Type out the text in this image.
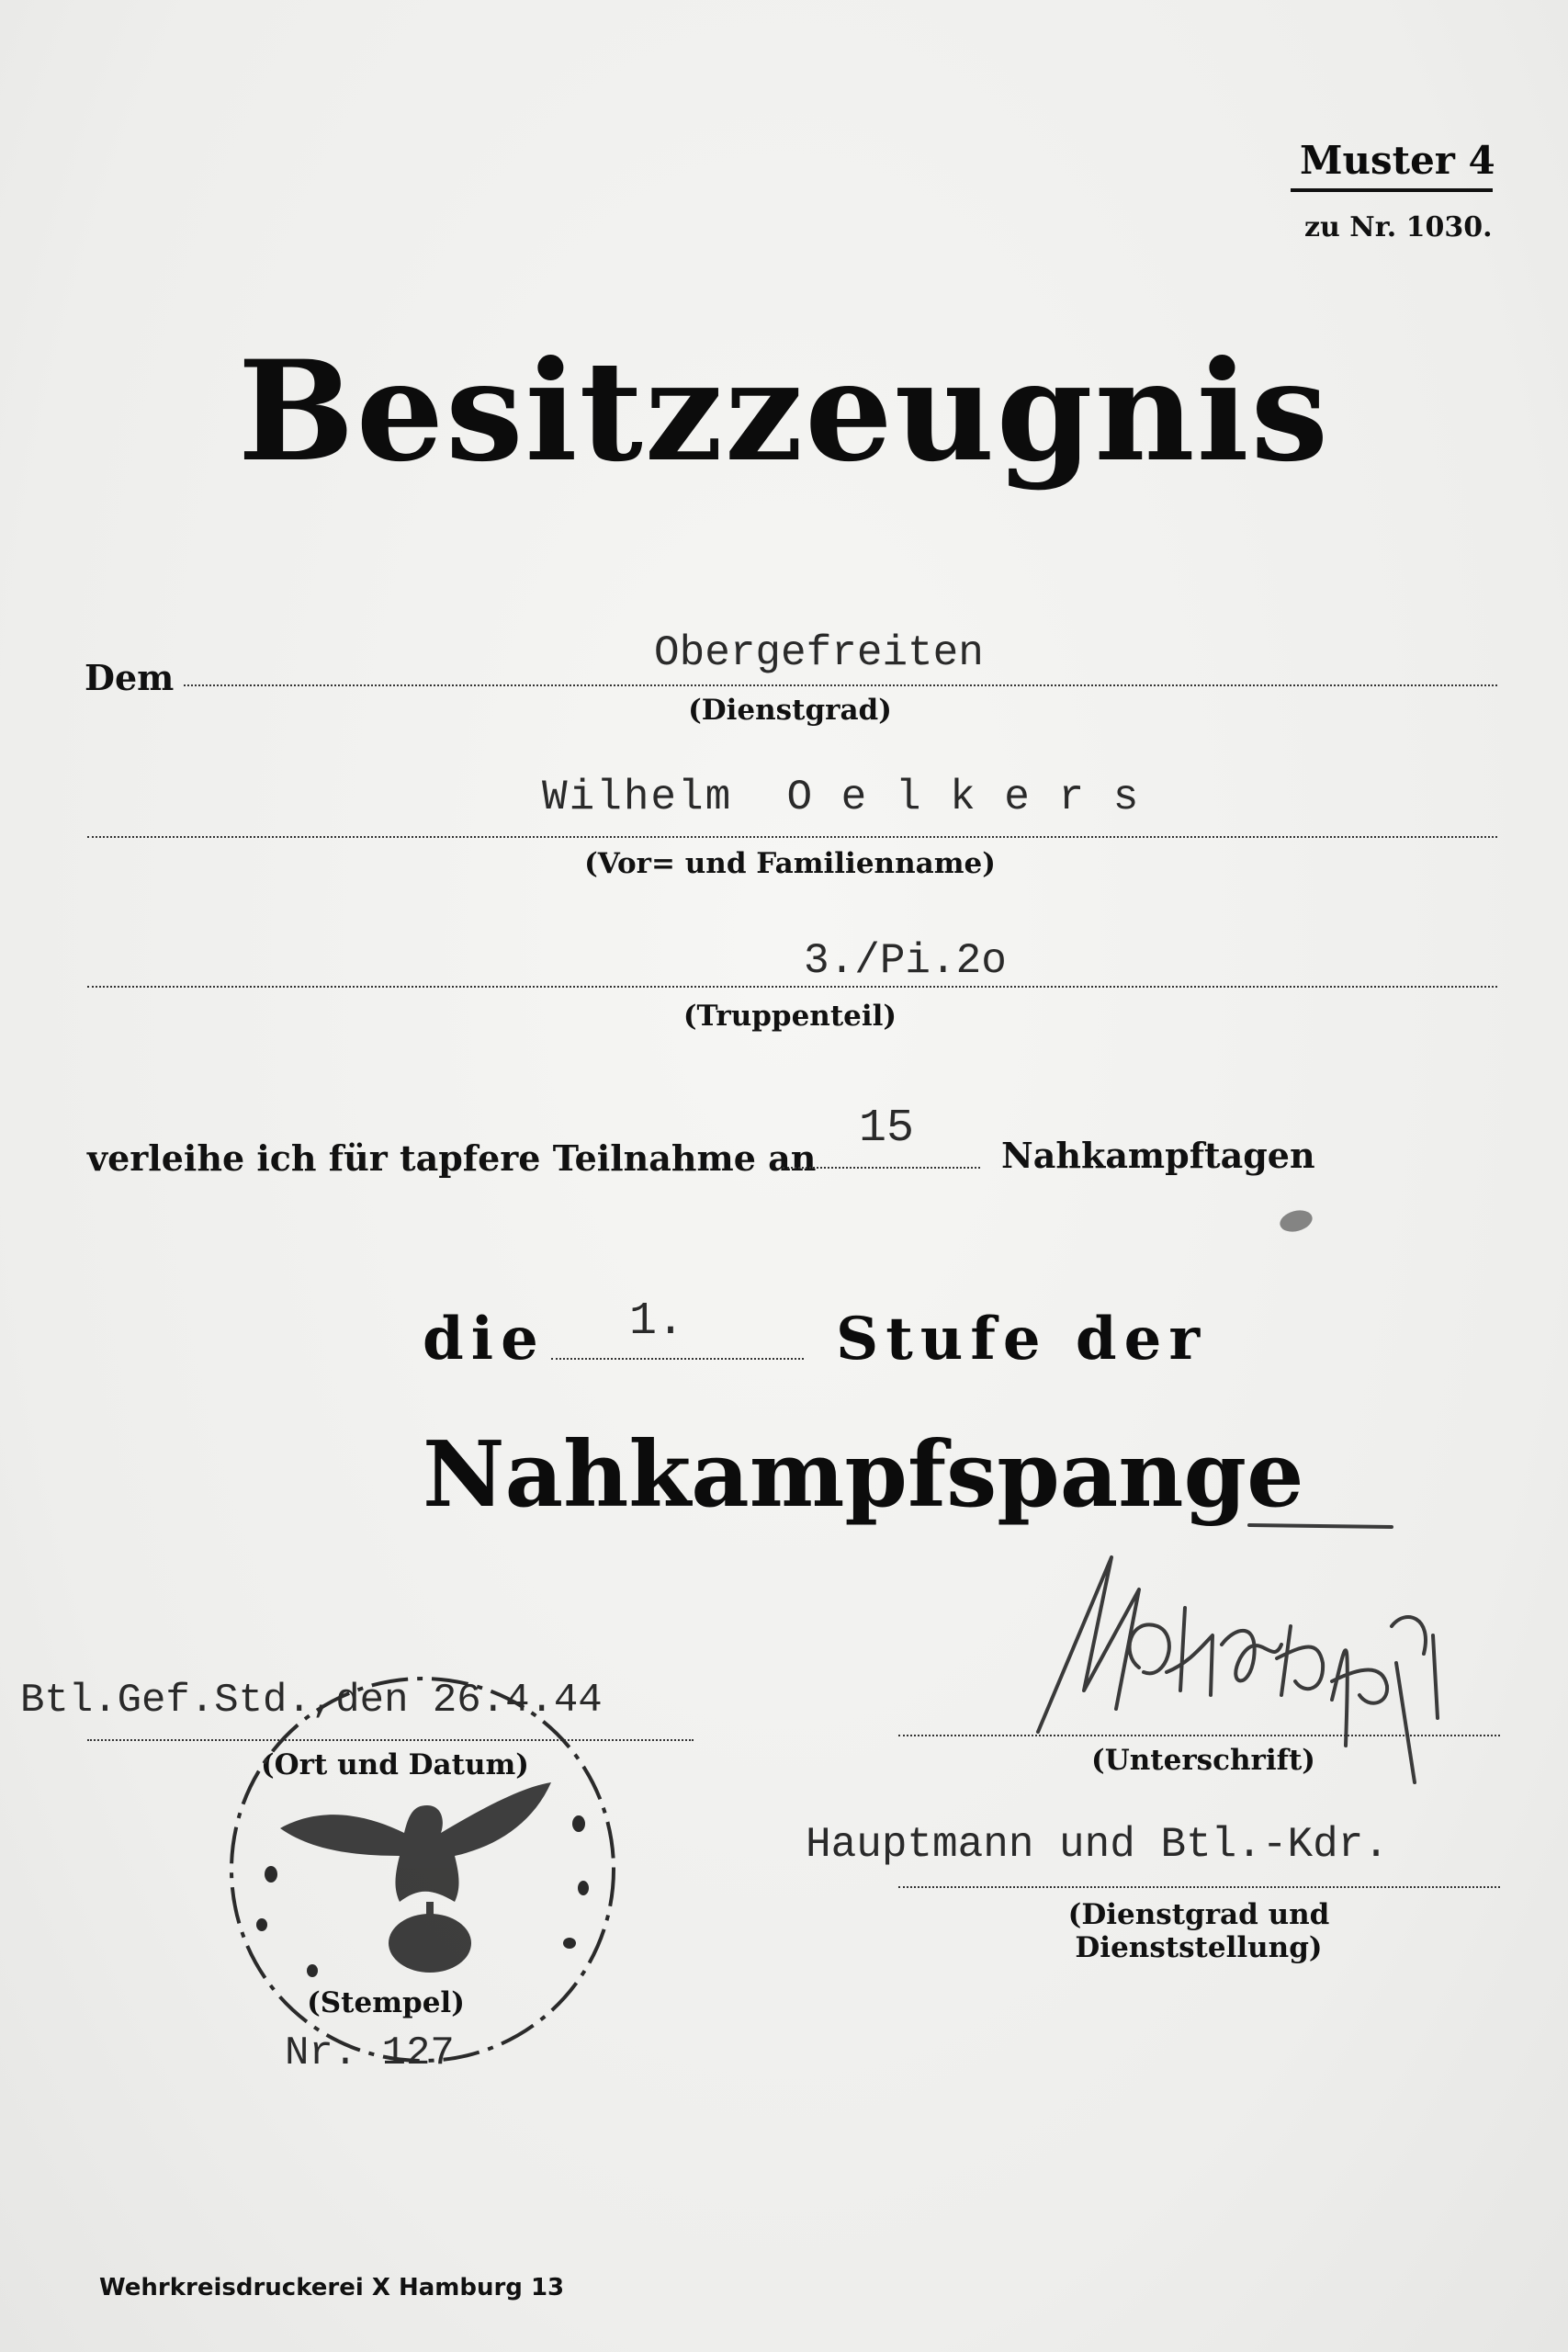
Muster 4
zu Nr. 1030.
Besitzzeugnis
Dem
Obergefreiten
(Dienstgrad)
Wilhelm  O e l k e r s
(Vor= und Familienname)
3./Pi.2o
(Truppenteil)
verleihe ich für tapfere Teilnahme an
15
Nahkampftagen
die 1.	Stufe der
Nahkampfspange
Btl.Gef.Std.,den 26.4.44
(Ort und Datum)	(Unterschrift)
Hauptmann und Btl.-Kdr.
(Dienstgrad und Dienststellung)
(Stempel)
Nr. 127
Wehrkreisdruckerei X Hamburg 13
